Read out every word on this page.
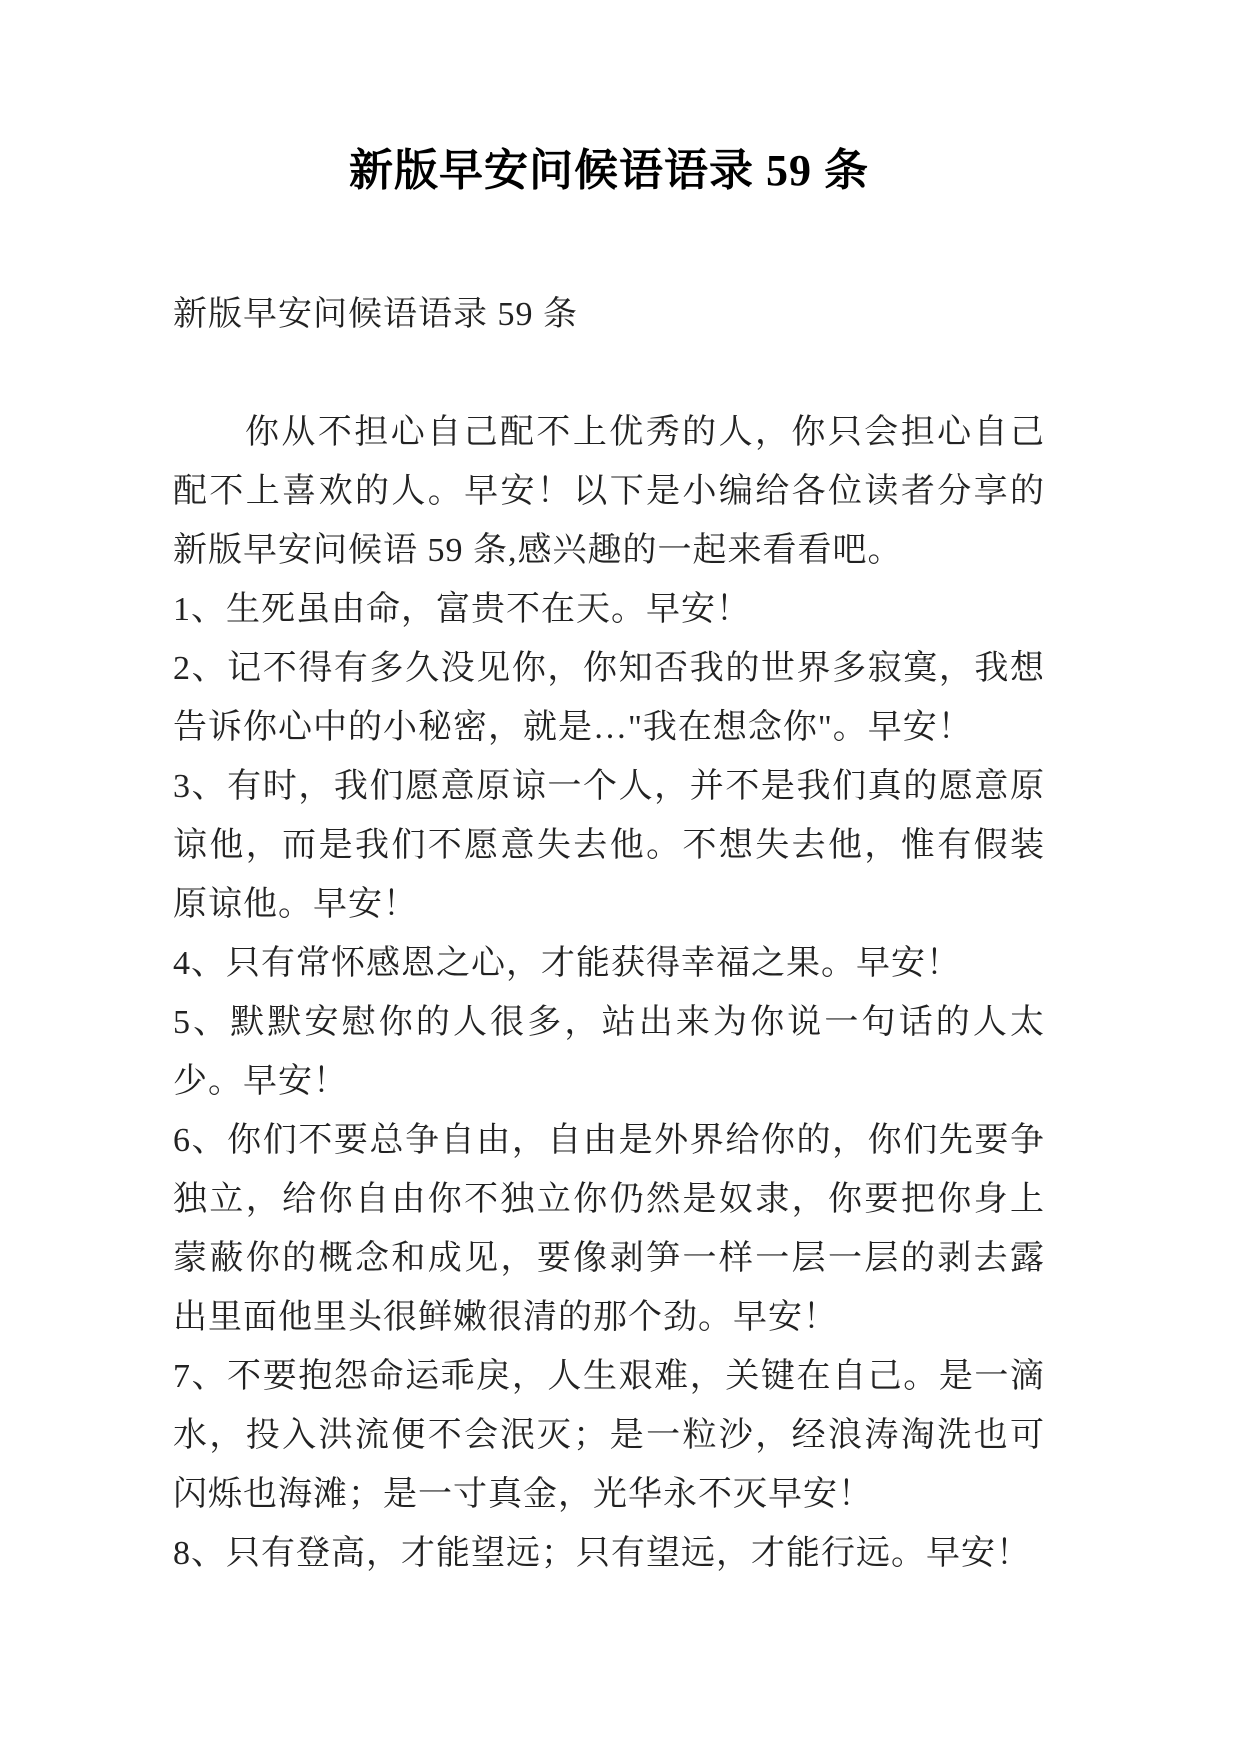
新版早安问候语语录 59 条

新版早安问候语语录 59 条

你从不担心自己配不上优秀的人，你只会担心自己配不上喜欢的人。早安！以下是小编给各位读者分享的新版早安问候语 59 条,感兴趣的一起来看看吧。

1、生死虽由命，富贵不在天。早安！

2、记不得有多久没见你，你知否我的世界多寂寞，我想告诉你心中的小秘密，就是…"我在想念你"。早安！

3、有时，我们愿意原谅一个人，并不是我们真的愿意原谅他，而是我们不愿意失去他。不想失去他，惟有假装原谅他。早安！

4、只有常怀感恩之心，才能获得幸福之果。早安！

5、默默安慰你的人很多，站出来为你说一句话的人太少。早安！

6、你们不要总争自由，自由是外界给你的，你们先要争独立，给你自由你不独立你仍然是奴隶，你要把你身上蒙蔽你的概念和成见，要像剥笋一样一层一层的剥去露出里面他里头很鲜嫩很清的那个劲。早安！

7、不要抱怨命运乖戾，人生艰难，关键在自己。是一滴水，投入洪流便不会泯灭；是一粒沙，经浪涛淘洗也可闪烁也海滩；是一寸真金，光华永不灭早安！

8、只有登高，才能望远；只有望远，才能行远。早安！
